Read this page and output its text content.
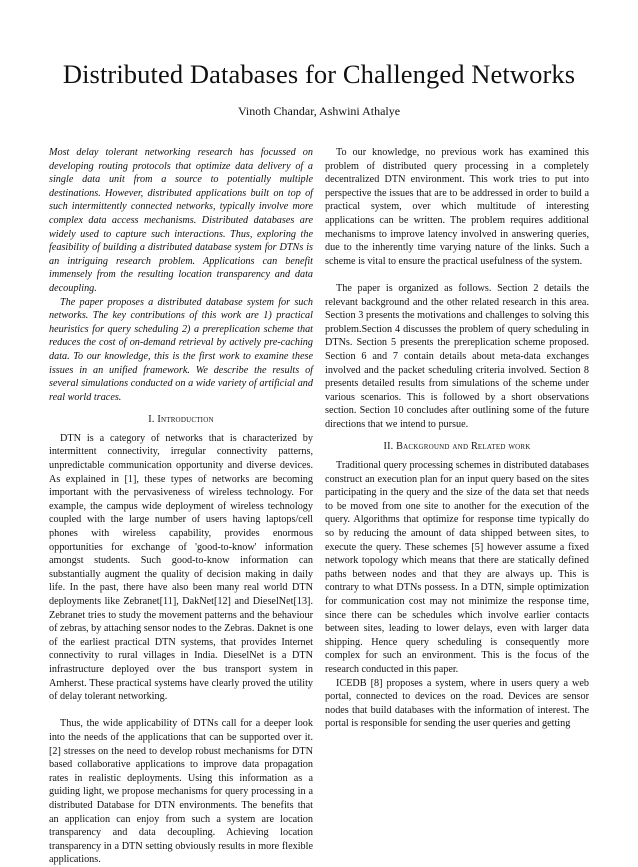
Distributed Databases for Challenged Networks
Vinoth Chandar, Ashwini Athalye

Most delay tolerant networking research has focussed on developing routing protocols that optimize data delivery of a single data unit from a source to potentially multiple destinations. However, distributed applications built on top of such intermittently connected networks, typically involve more complex data access mechanisms. Distributed databases are widely used to capture such interactions. Thus, exploring the feasibility of building a distributed database system for DTNs is an intriguing research problem. Applications can benefit immensely from the resulting location transparency and data decoupling.

The paper proposes a distributed database system for such networks. The key contributions of this work are 1) practical heuristics for query scheduling 2) a prereplication scheme that reduces the cost of on-demand retrieval by actively pre-caching data. To our knowledge, this is the first work to examine these issues in an unified framework. We describe the results of several simulations conducted on a wide variety of artificial and real world traces.

I. Introduction

DTN is a category of networks that is characterized by intermittent connectivity, irregular connectivity patterns, unpredictable communication opportunity and diverse devices. As explained in [1], these types of networks are becoming important with the pervasiveness of wireless technology. For example, the campus wide deployment of wireless technology coupled with the large number of users having laptops/cell phones with wireless capability, provides enormous opportunities for exchange of 'good-to-know' information amongst students. Such good-to-know information can substantially augment the quality of decision making in daily life. In the past, there have also been many real world DTN deployments like Zebranet[11], DakNet[12] and DieselNet[13]. Zebranet tries to study the movement patterns and the behaviour of zebras, by attaching sensor nodes to the Zebras. Daknet is one of the earliest practical DTN systems, that provides Internet connectivity to rural villages in India. DieselNet is a DTN infrastructure deployed over the bus transport system in Amherst. These practical systems have clearly proved the utility of delay tolerant networking.

Thus, the wide applicability of DTNs call for a deeper look into the needs of the applications that can be supported over it. [2] stresses on the need to develop robust mechanisms for DTN based collaborative applications to improve data propagation rates in realistic deployments. Using this information as a guiding light, we propose mechanisms for query processing in a distributed Database for DTN environments. The benefits that an application can enjoy from such a system are location transparency and data decoupling. Achieving location transparency in a DTN setting obviously results in more flexible applications.

To our knowledge, no previous work has examined this problem of distributed query processing in a completely decentralized DTN environment. This work tries to put into perspective the issues that are to be addressed in order to build a practical system, over which multitude of interesting applications can be written. The problem requires additional mechanisms to improve latency involved in answering queries, due to the inherently time varying nature of the links. Such a scheme is vital to ensure the practical usefulness of the system.

The paper is organized as follows. Section 2 details the relevant background and the other related research in this area. Section 3 presents the motivations and challenges to solving this problem.Section 4 discusses the problem of query scheduling in DTNs. Section 5 presents the prereplication scheme proposed. Section 6 and 7 contain details about meta-data exchanges involved and the packet scheduling criteria involved. Section 8 presents detailed results from simulations of the scheme under various scenarios. This is followed by a short observations section. Section 10 concludes after outlining some of the future directions that we intend to pursue.

II. Background and Related work

Traditional query processing schemes in distributed databases construct an execution plan for an input query based on the sites participating in the query and the size of the data set that needs to be moved from one site to another for the execution of the query. Algorithms that optimize for response time typically do so by reducing the amount of data shipped between sites, to execute the query. These schemes [5] however assume a fixed network topology which means that there are statically defined paths between nodes and that they are always up. This is contrary to what DTNs possess. In a DTN, simple optimization for communication cost may not minimize the response time, since there can be schedules which involve earlier contacts between sites, leading to lower delays, even with larger data shipping. Hence query scheduling is consequently more complex for such an environment. This is the focus of the research conducted in this paper.

ICEDB [8] proposes a system, where in users query a web portal, connected to devices on the road. Devices are sensor nodes that build databases with the information of interest. The portal is responsible for sending the user queries and getting
